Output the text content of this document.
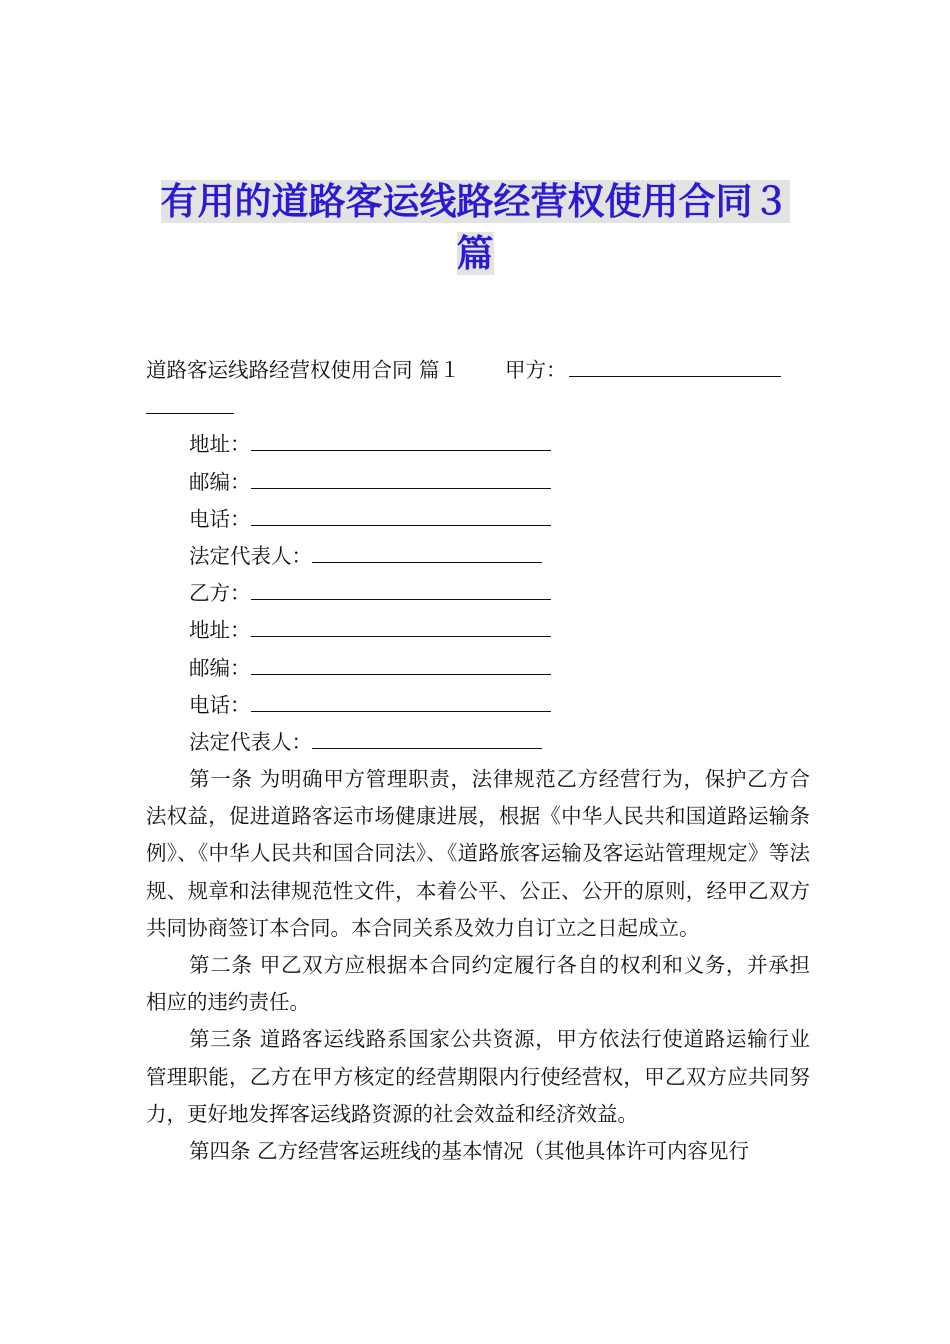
有用的道路客运线路经营权使用合同３
篇
道路客运线路经营权使用合同 篇１ 甲方：
地址：
邮编：
电话：
法定代表人：
乙方：
地址：
邮编：
电话：
法定代表人：

第一条 为明确甲方管理职责，法律规范乙方经营行为，保护乙方合法权益，促进道路客运市场健康进展，根据《中华人民共和国道路运输条例》、《中华人民共和国合同法》、《道路旅客运输及客运站管理规定》等法规、规章和法律规范性文件，本着公平、公正、公开的原则，经甲乙双方共同协商签订本合同。本合同关系及效力自订立之日起成立。

第二条 甲乙双方应根据本合同约定履行各自的权利和义务，并承担相应的违约责任。

第三条 道路客运线路系国家公共资源，甲方依法行使道路运输行业管理职能，乙方在甲方核定的经营期限内行使经营权，甲乙双方应共同努力，更好地发挥客运线路资源的社会效益和经济效益。

第四条 乙方经营客运班线的基本情况（其他具体许可内容见行
